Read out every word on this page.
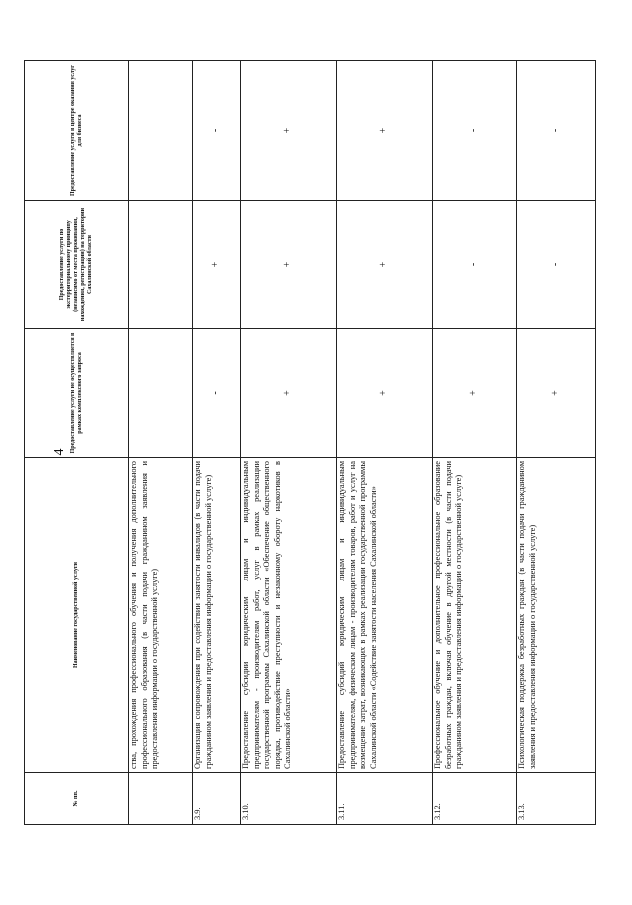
4
№ пп.	Наименование государственной услуги	Предоставление услуги не осуществляется в рамках комплексного запроса	Предоставление услуги по экстерриториальному принципу (независимо от места проживания, нахождения, регистрации) на территории Сахалинской области	Предоставление услуги в центре оказания услуг для бизнеса
	ства, прохождения профессионального обучения и получения дополнительного профессионального образования (в части подачи гражданином заявления и предоставления информации о государственной услуге)			
3.9.	Организация сопровождения при содействии занятости инвалидов (в части подачи гражданином заявления и предоставления информации о государственной услуге)	-	+	-
3.10.	Предоставление субсидии юридическим лицам и индивидуальным предпринимателям - производителям работ, услуг в рамках реализации государственной программы Сахалинской области «Обеспечение общественного порядка, противодействие преступности и незаконному обороту наркотиков в Сахалинской области»	+	+	+
3.11.	Предоставление субсидий юридическим лицам и индивидуальным предпринимателям, физическим лицам - производителям товаров, работ и услуг на возмещение затрат, возникающих в рамках реализации государственной программы Сахалинской области «Содействие занятости населения Сахалинской области»	+	+	+
3.12.	Профессиональное обучение и дополнительное профессиональное образование безработных граждан, включая обучение в другой местности (в части подачи гражданином заявления и предоставления информации о государственной услуге)	+	-	-
3.13.	Психологическая поддержка безработных граждан (в части подачи гражданином заявления и предоставления информации о государственной услуге)	+	-	-
